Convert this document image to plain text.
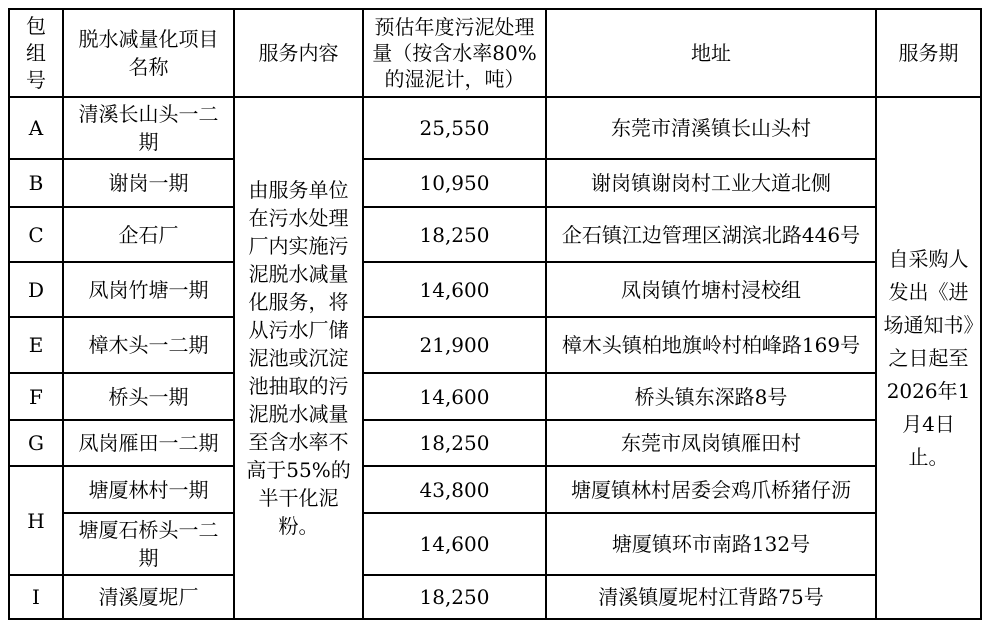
包组号	脱水减量化项目名称	服务内容	预估年度污泥处理量（按含水率80%的湿泥计，吨）	地址	服务期
A	清溪长山头一二期	由服务单位在污水处理厂内实施污泥脱水减量化服务，将从污水厂储泥池或沉淀池抽取的污泥脱水减量至含水率不高于55%的半干化泥粉。	25,550	东莞市清溪镇长山头村	自采购人发出《进场通知书》之日起至2026年1月4日止。
B	谢岗一期		10,950	谢岗镇谢岗村工业大道北侧	
C	企石厂		18,250	企石镇江边管理区湖滨北路446号	
D	凤岗竹塘一期		14,600	凤岗镇竹塘村浸校组	
E	樟木头一二期		21,900	樟木头镇柏地旗岭村柏峰路169号	
F	桥头一期		14,600	桥头镇东深路8号	
G	凤岗雁田一二期		18,250	东莞市凤岗镇雁田村	
H	塘厦林村一期		43,800	塘厦镇林村居委会鸡爪桥猪仔沥	
	塘厦石桥头一二期		14,600	塘厦镇环市南路132号	
I	清溪厦坭厂		18,250	清溪镇厦坭村江背路75号	
